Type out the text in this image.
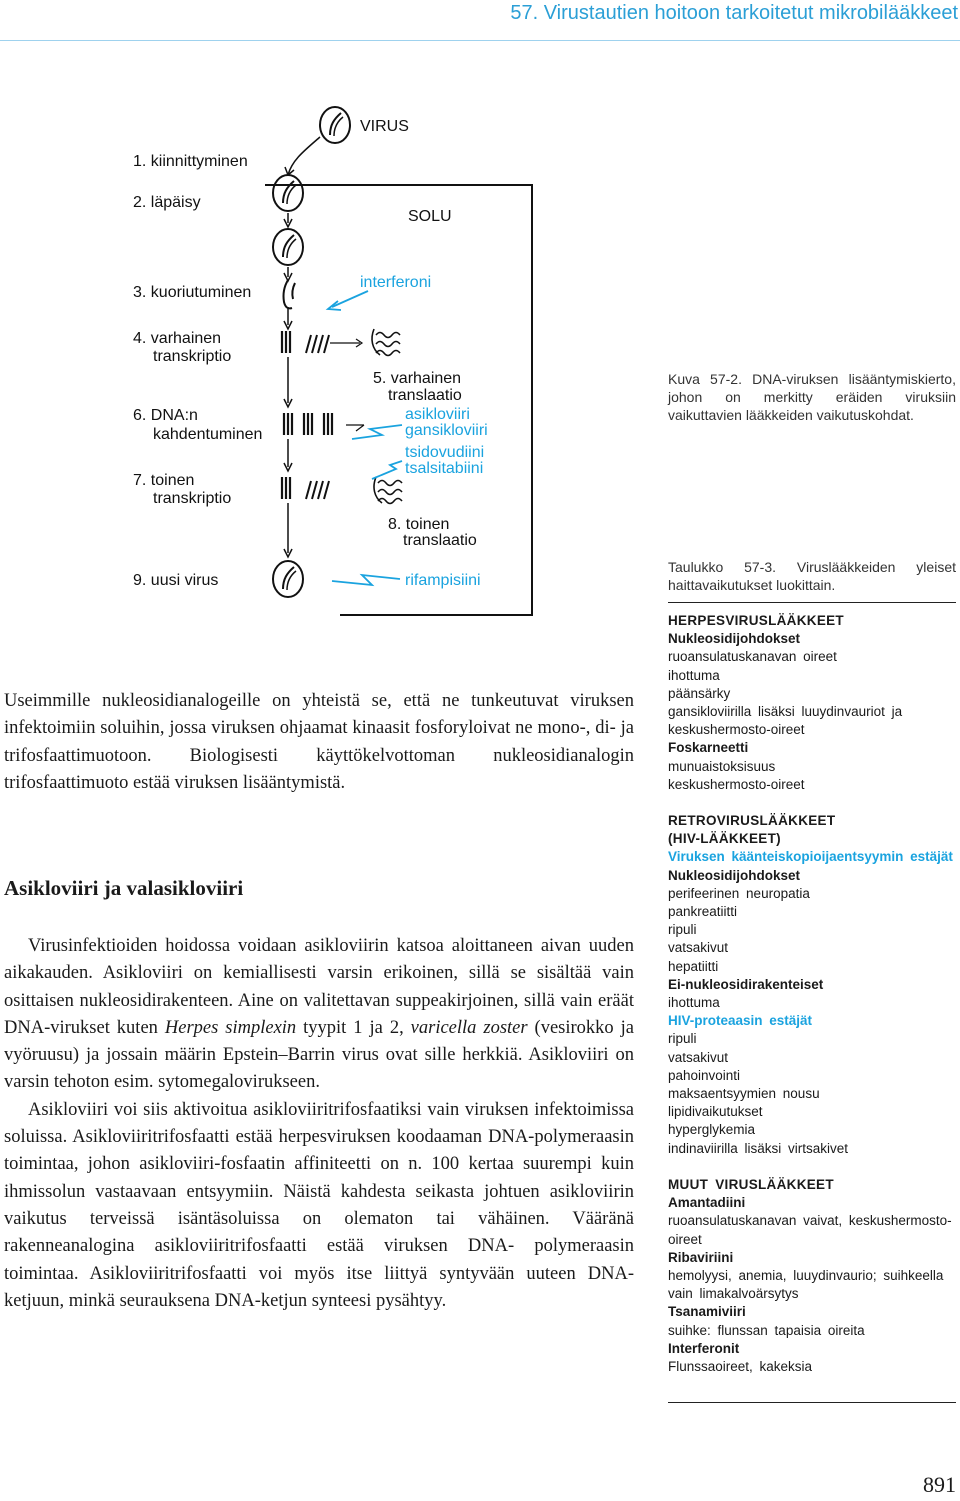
57. Virustautien hoitoon tarkoitetut mikrobilääkkeet
VIRUS
SOLU
1. kiinnittyminen
2. läpäisy
3. kuoriutuminen
4. varhainen
transkriptio
5. varhainen
translaatio
6. DNA:n
kahdentuminen
7. toinen
transkriptio
8. toinen
translaatio
9. uusi virus
interferoni
asikloviiri
gansikloviiri
tsidovudiini
tsalsitabiini
rifampisiini
Kuva 57-2. DNA-viruksen lisääntymiskierto, johon on merkitty eräiden viruksiin vaikuttavien lääkkeiden vaikutuskohdat.
Taulukko 57-3. Viruslääkkeiden yleiset haittavaikutukset luokittain.
HERPESVIRUSLÄÄKKEET
Nukleosidijohdokset
ruoansulatuskanavan oireet
ihottuma
päänsärky
gansikloviirilla lisäksi luuydinvauriot ja keskushermosto-oireet
Foskarneetti
munuaistoksisuus
keskushermosto-oireet
RETROVIRUSLÄÄKKEET
(HIV-LÄÄKKEET)
Viruksen käänteiskopioijaentsyymin estäjät
Nukleosidijohdokset
perifeerinen neuropatia
pankreatiitti
ripuli
vatsakivut
hepatiitti
Ei-nukleosidirakenteiset
ihottuma
HIV-proteaasin estäjät
ripuli
vatsakivut
pahoinvointi
maksaentsyymien nousu
lipidivaikutukset
hyperglykemia
indinaviirilla lisäksi virtsakivet
MUUT VIRUSLÄÄKKEET
Amantadiini
ruoansulatuskanavan vaivat, keskushermosto-oireet
Ribaviriini
hemolyysi, anemia, luuydinvaurio; suihkeella vain limakalvoärsytys
Tsanamiviiri
suihke: flunssan tapaisia oireita
Interferonit
Flunssaoireet, kakeksia

Useimmille nukleosidianalogeille on yhteistä se, että ne tunkeutuvat viruksen infektoimiin soluihin, jossa viruksen ohjaamat kinaasit fosforyloivat ne mono-, di- ja trifosfaattimuotoon. Biologisesti käyttökelvottoman nukleosidianalogin trifosfaattimuoto estää viruksen lisääntymistä.

Asikloviiri ja valasikloviiri

Virusinfektioiden hoidossa voidaan asikloviirin katsoa aloittaneen aivan uuden aikakauden. Asikloviiri on kemiallisesti varsin erikoinen, sillä se sisältää vain osittaisen nukleosidirakenteen. Aine on valitettavan suppeakirjoinen, sillä vain eräät DNA-virukset kuten Herpes simplexin tyypit 1 ja 2, varicella zoster (vesirokko ja vyöruusu) ja jossain määrin Epstein–Barrin virus ovat sille herkkiä. Asikloviiri on varsin tehoton esim. sytomegalovirukseen.

Asikloviiri voi siis aktivoitua asikloviiritrifosfaatiksi vain viruksen infektoimissa soluissa. Asikloviiritrifosfaatti estää herpesviruksen koodaaman DNA-polymeraasin toimintaa, johon asikloviiri-fosfaatin affiniteetti on n. 100 kertaa suurempi kuin ihmissolun vastaavaan entsyymiin. Näistä kahdesta seikasta johtuen asikloviirin vaikutus terveissä isäntäsoluissa on olematon tai vähäinen. Vääränä rakenneanalogina asikloviiritrifosfaatti estää viruksen DNA- polymeraasin toimintaa. Asikloviiritrifosfaatti voi myös itse liittyä syntyvään uuteen DNA-ketjuun, minkä seurauksena DNA-ketjun synteesi pysähtyy.

891
